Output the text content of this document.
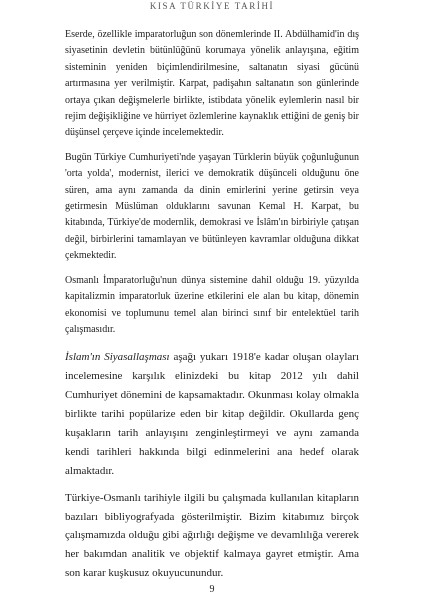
KISA TÜRKİYE TARİHİ

Eserde, özellikle imparatorluğun son dönemlerinde II. Abdülhamid'in dış siyasetinin devletin bütünlüğünü korumaya yönelik anlayışına, eğitim sisteminin yeniden biçimlendirilmesine, saltanatın siyasi gücünü artırmasına yer verilmiştir. Karpat, padişahın saltanatın son günlerinde ortaya çıkan değişmelerle birlikte, istibdata yönelik eylemlerin nasıl bir rejim değişikliğine ve hürriyet özlemlerine kaynaklık ettiğini de geniş bir düşünsel çerçeve içinde incelemektedir.

Bugün Türkiye Cumhuriyeti'nde yaşayan Türklerin büyük çoğunluğunun 'orta yolda', modernist, ilerici ve demokratik düşünceli olduğunu öne süren, ama aynı zamanda da dinin emirlerini yerine getirsin veya getirmesin Müslüman olduklarını savunan Kemal H. Karpat, bu kitabında, Türkiye'de modernlik, demokrasi ve İslâm'ın birbiriyle çatışan değil, birbirlerini tamamlayan ve bütünleyen kavramlar olduğuna dikkat çekmektedir.

Osmanlı İmparatorluğu'nun dünya sistemine dahil olduğu 19. yüzyılda kapitalizmin imparatorluk üzerine etkilerini ele alan bu kitap, dönemin ekonomisi ve toplumunu temel alan birinci sınıf bir entelektüel tarih çalışmasıdır.

İslam'ın Siyasallaşması aşağı yukarı 1918'e kadar oluşan olayları incelemesine karşılık elinizdeki bu kitap 2012 yılı dahil Cumhuriyet dönemini de kapsamaktadır. Okunması kolay olmakla birlikte tarihi popülarize eden bir kitap değildir. Okullarda genç kuşakların tarih anlayışını zenginleştirmeyi ve aynı zamanda kendi tarihleri hakkında bilgi edinmelerini ana hedef olarak almaktadır.

Türkiye-Osmanlı tarihiyle ilgili bu çalışmada kullanılan kitapların bazıları bibliyografyada gösterilmiştir. Bizim kitabımız birçok çalışmamızda olduğu gibi ağırlığı değişme ve devamlılığa vererek her bakımdan analitik ve objektif kalmaya gayret etmiştir. Ama son karar kuşkusuz okuyucunundur.

9
